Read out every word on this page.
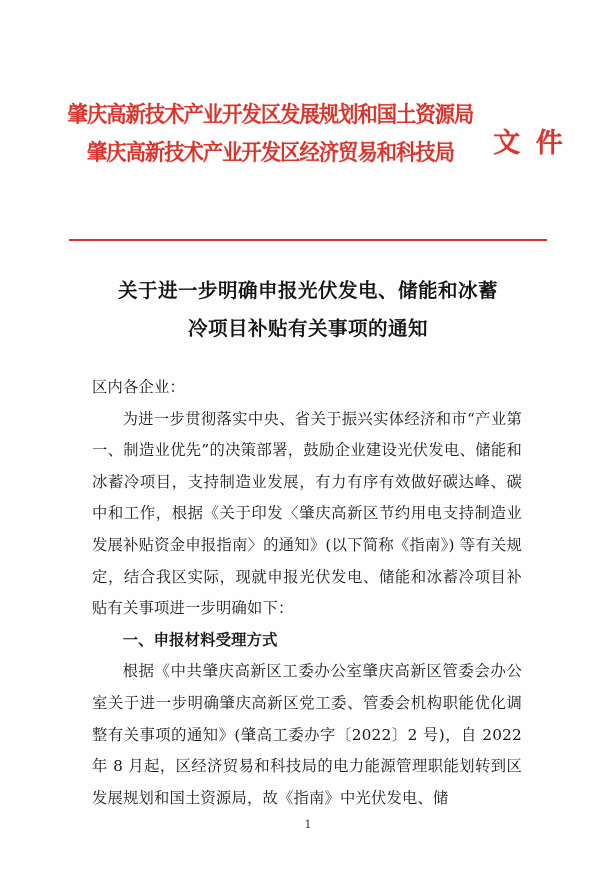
肇庆高新技术产业开发区发展规划和国土资源局
肇庆高新技术产业开发区经济贸易和科技局 文 件
关于进一步明确申报光伏发电、储能和冰蓄
冷项目补贴有关事项的通知

区内各企业：

为进一步贯彻落实中央、省关于振兴实体经济和市“产业第一、制造业优先”的决策部署，鼓励企业建设光伏发电、储能和冰蓄冷项目，支持制造业发展，有力有序有效做好碳达峰、碳中和工作，根据《关于印发〈肇庆高新区节约用电支持制造业发展补贴资金申报指南〉的通知》(以下简称《指南》) 等有关规定，结合我区实际，现就申报光伏发电、储能和冰蓄冷项目补贴有关事项进一步明确如下：

一、申报材料受理方式

根据《中共肇庆高新区工委办公室肇庆高新区管委会办公室关于进一步明确肇庆高新区党工委、管委会机构职能优化调整有关事项的通知》(肇高工委办字〔2022〕2 号)，自 2022 年 8 月起，区经济贸易和科技局的电力能源管理职能划转到区发展规划和国土资源局，故《指南》中光伏发电、储

1
